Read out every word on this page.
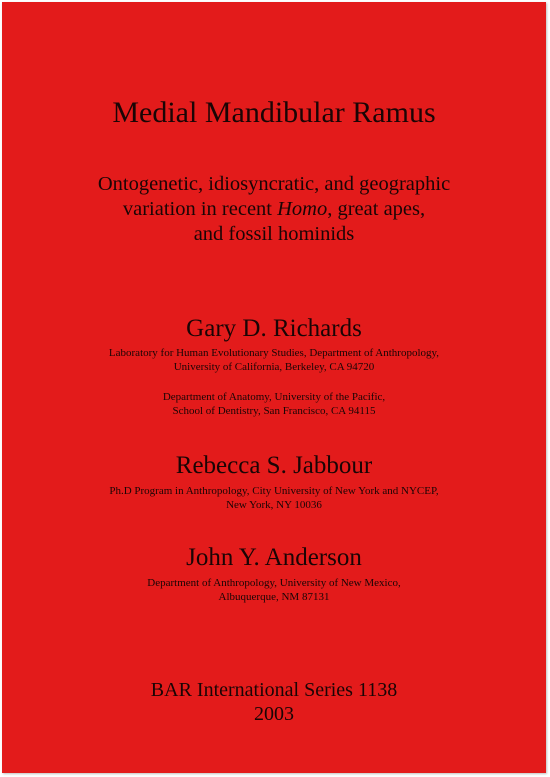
Medial Mandibular Ramus
Ontogenetic, idiosyncratic, and geographic
variation in recent Homo, great apes,
and fossil hominids
Gary D. Richards
Laboratory for Human Evolutionary Studies, Department of Anthropology,
University of California, Berkeley, CA 94720
Department of Anatomy, University of the Pacific,
School of Dentistry, San Francisco, CA 94115
Rebecca S. Jabbour
Ph.D Program in Anthropology, City University of New York and NYCEP,
New York, NY 10036
John Y. Anderson
Department of Anthropology, University of New Mexico,
Albuquerque, NM 87131
BAR International Series 1138
2003
